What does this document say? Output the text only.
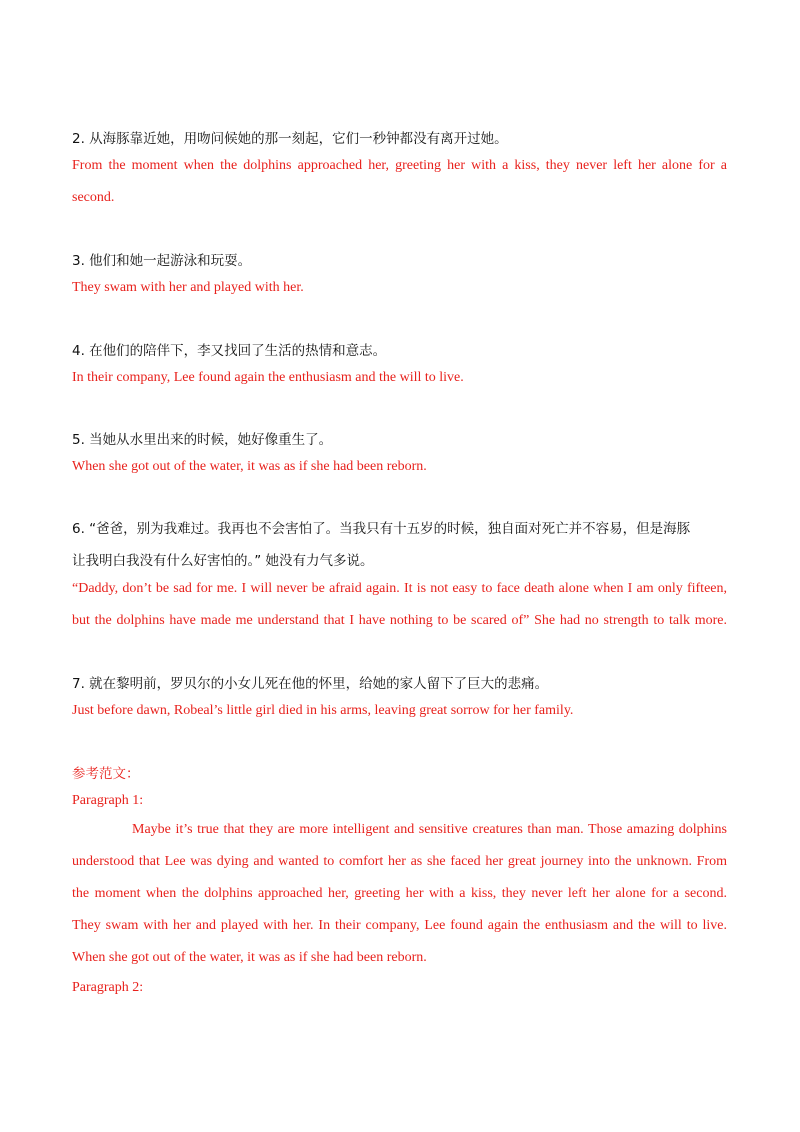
2. 从海豚靠近她，用吻问候她的那一刻起，它们一秒钟都没有离开过她。
From the moment when the dolphins approached her, greeting her with a kiss, they never left her alone for a
second.
3. 他们和她一起游泳和玩耍。
They swam with her and played with her.
4. 在他们的陪伴下，李又找回了生活的热情和意志。
In their company, Lee found again the enthusiasm and the will to live.
5. 当她从水里出来的时候，她好像重生了。
When she got out of the water, it was as if she had been reborn.
6. “爸爸，别为我难过。我再也不会害怕了。当我只有十五岁的时候，独自面对死亡并不容易，但是海豚
让我明白我没有什么好害怕的。” 她没有力气多说。
“Daddy, don’t be sad for me. I will never be afraid again. It is not easy to face death alone when I am only fifteen,
but the dolphins have made me understand that I have nothing to be scared of” She had no strength to talk more.
7. 就在黎明前，罗贝尔的小女儿死在他的怀里，给她的家人留下了巨大的悲痛。
Just before dawn, Robeal’s little girl died in his arms, leaving great sorrow for her family.
参考范文：
Paragraph 1:
Maybe it’s true that they are more intelligent and sensitive creatures than man. Those amazing dolphins
understood that Lee was dying and wanted to comfort her as she faced her great journey into the unknown. From
the moment when the dolphins approached her, greeting her with a kiss, they never left her alone for a second.
They swam with her and played with her. In their company, Lee found again the enthusiasm and the will to live.
When she got out of the water, it was as if she had been reborn.
Paragraph 2:
